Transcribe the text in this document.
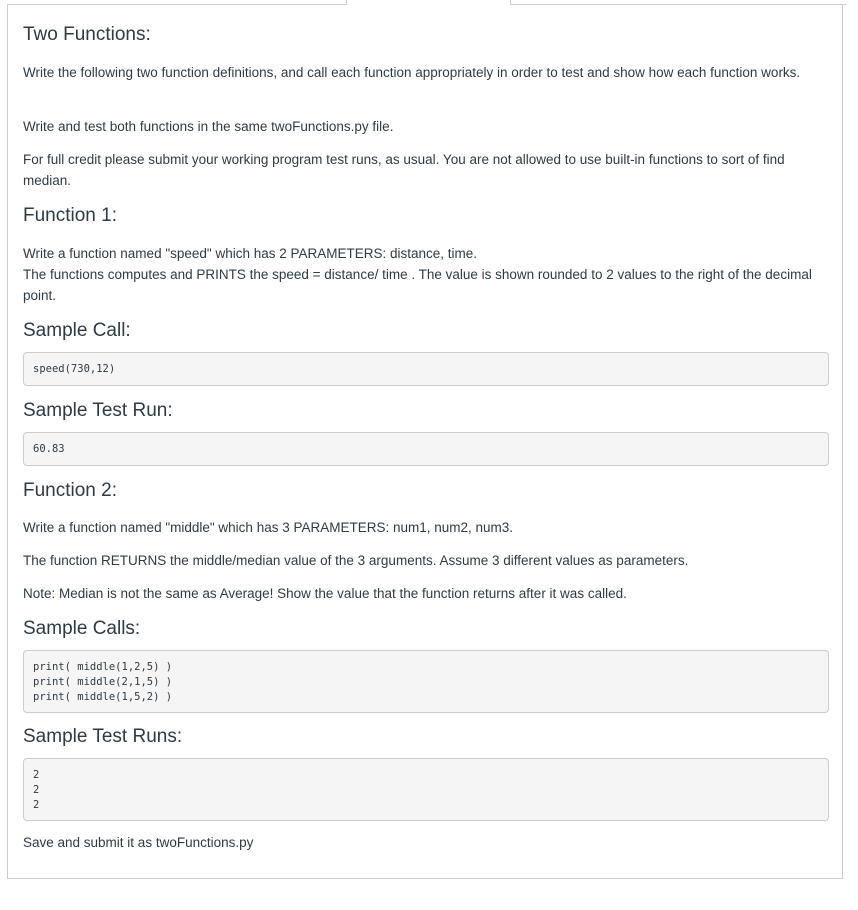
Two Functions:
Write the following two function definitions, and call each function appropriately in order to test and show how each function works.
Write and test both functions in the same twoFunctions.py file.
For full credit please submit your working program test runs, as usual. You are not allowed to use built-in functions to sort of find median.
Function 1:
Write a function named "speed" which has 2 PARAMETERS: distance, time.
The functions computes and PRINTS the speed = distance/ time . The value is shown rounded to 2 values to the right of the decimal point.
Sample Call:
speed(730,12)
Sample Test Run:
60.83
Function 2:
Write a function named "middle" which has 3 PARAMETERS: num1, num2, num3.
The function RETURNS the middle/median value of the 3 arguments. Assume 3 different values as parameters.
Note: Median is not the same as Average! Show the value that the function returns after it was called.
Sample Calls:
print( middle(1,2,5) )
print( middle(2,1,5) )
print( middle(1,5,2) )
Sample Test Runs:
2
2
2
Save and submit it as twoFunctions.py
